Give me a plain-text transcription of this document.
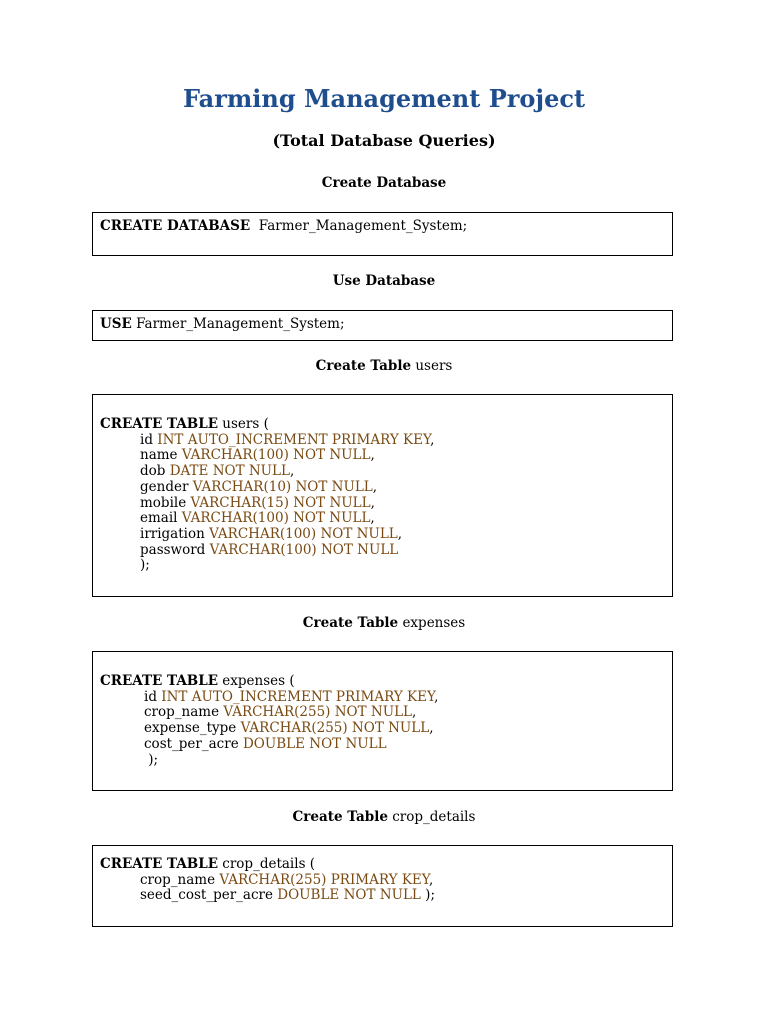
Farming Management Project
(Total Database Queries)
Create Database
CREATE DATABASE  Farmer_Management_System;
Use Database
USE Farmer_Management_System;
Create Table users
CREATE TABLE users (
id INT AUTO_INCREMENT PRIMARY KEY,
name VARCHAR(100) NOT NULL,
dob DATE NOT NULL,
gender VARCHAR(10) NOT NULL,
mobile VARCHAR(15) NOT NULL,
email VARCHAR(100) NOT NULL,
irrigation VARCHAR(100) NOT NULL,
password VARCHAR(100) NOT NULL
);
Create Table expenses
CREATE TABLE expenses (
id INT AUTO_INCREMENT PRIMARY KEY,
crop_name VARCHAR(255) NOT NULL,
expense_type VARCHAR(255) NOT NULL,
cost_per_acre DOUBLE NOT NULL
);
Create Table crop_details
CREATE TABLE crop_details (
crop_name VARCHAR(255) PRIMARY KEY,
seed_cost_per_acre DOUBLE NOT NULL );
